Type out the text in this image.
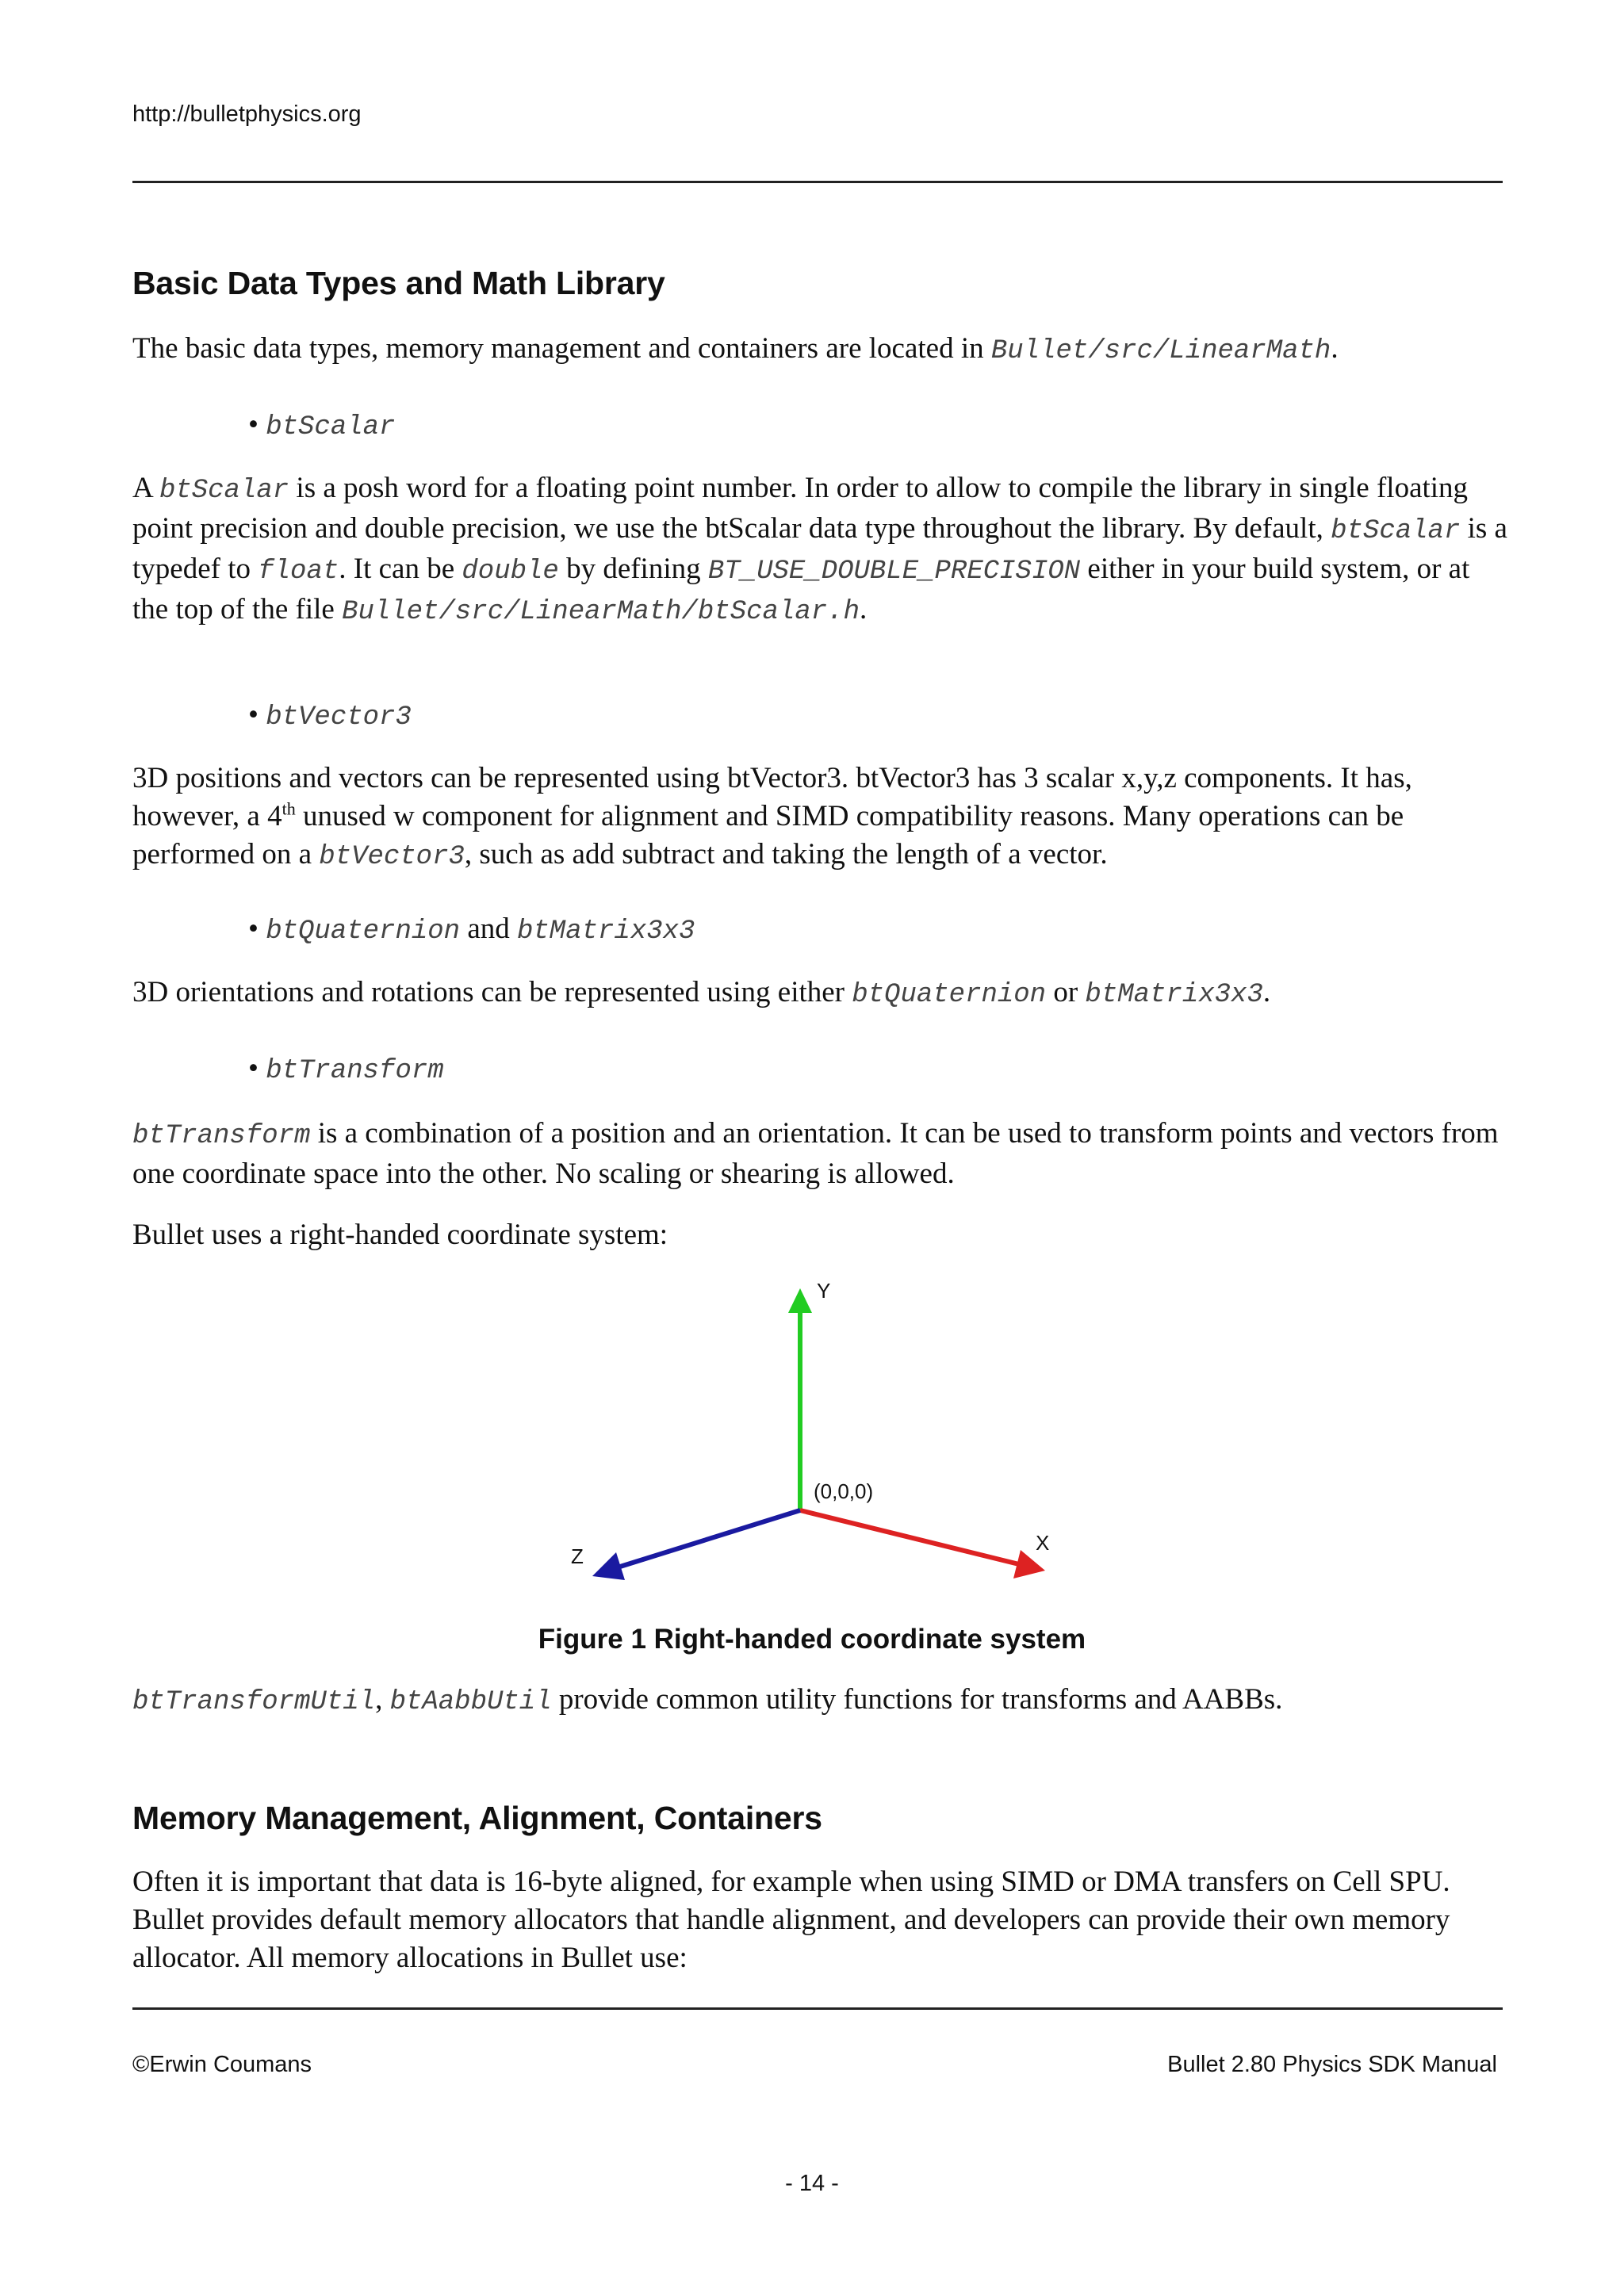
http://bulletphysics.org
Basic Data Types and Math Library

The basic data types, memory management and containers are located in Bullet/src/LinearMath.

• btScalar

A btScalar is a posh word for a floating point number. In order to allow to compile the library in single floating point precision and double precision, we use the btScalar data type throughout the library. By default, btScalar is a typedef to float. It can be double by defining BT_USE_DOUBLE_PRECISION either in your build system, or at the top of the file Bullet/src/LinearMath/btScalar.h.

• btVector3

3D positions and vectors can be represented using btVector3. btVector3 has 3 scalar x,y,z components. It has, however, a 4th unused w component for alignment and SIMD compatibility reasons. Many operations can be performed on a btVector3, such as add subtract and taking the length of a vector.

• btQuaternion and btMatrix3x3

3D orientations and rotations can be represented using either btQuaternion or btMatrix3x3.

• btTransform

btTransform is a combination of a position and an orientation. It can be used to transform points and vectors from one coordinate space into the other. No scaling or shearing is allowed.

Bullet uses a right-handed coordinate system:

Y
X
Z
(0,0,0)
Figure 1 Right-handed coordinate system

btTransformUtil, btAabbUtil provide common utility functions for transforms and AABBs.

Memory Management, Alignment, Containers

Often it is important that data is 16-byte aligned, for example when using SIMD or DMA transfers on Cell SPU. Bullet provides default memory allocators that handle alignment, and developers can provide their own memory allocator. All memory allocations in Bullet use:

©Erwin Coumans	Bullet 2.80 Physics SDK Manual
- 14 -
